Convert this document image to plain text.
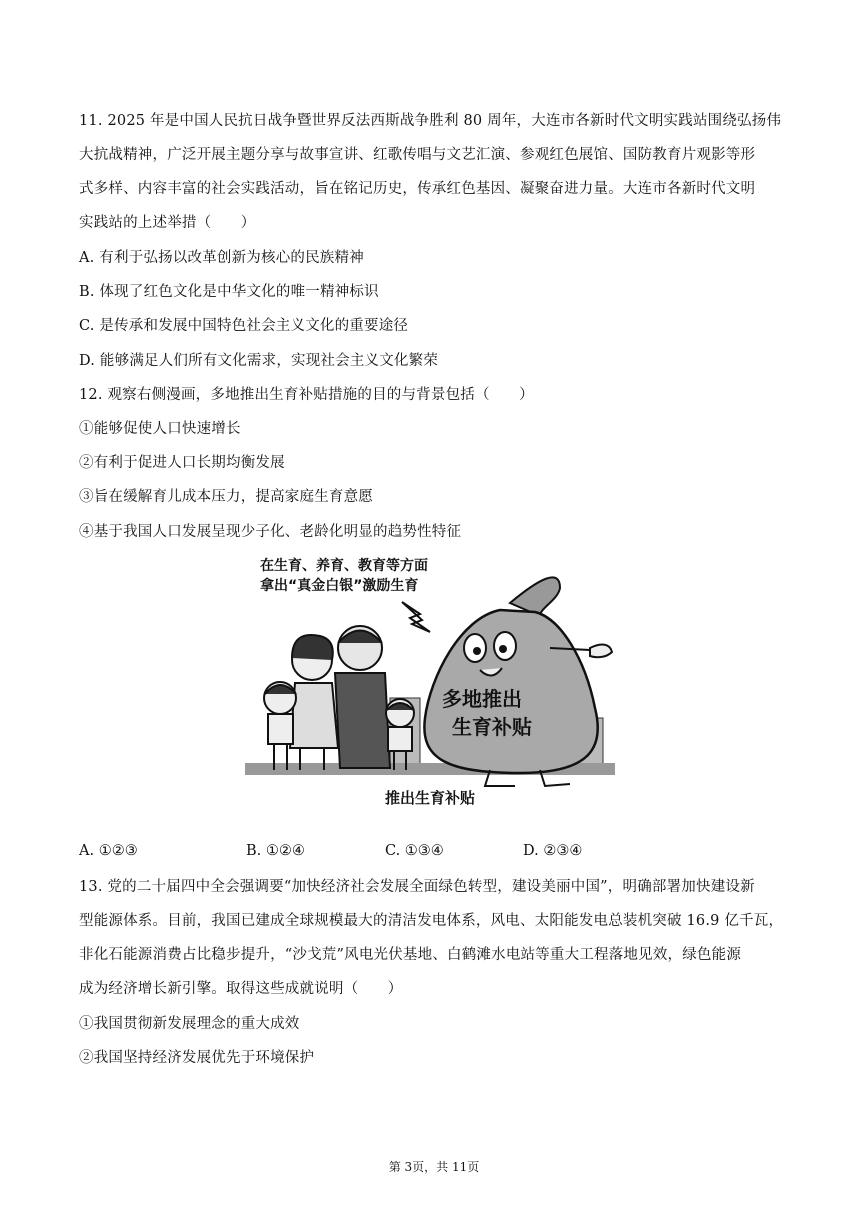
11. 2025 年是中国人民抗日战争暨世界反法西斯战争胜利 80 周年，大连市各新时代文明实践站围绕弘扬伟
大抗战精神，广泛开展主题分享与故事宣讲、红歌传唱与文艺汇演、参观红色展馆、国防教育片观影等形
式多样、内容丰富的社会实践活动，旨在铭记历史，传承红色基因、凝聚奋进力量。大连市各新时代文明
实践站的上述举措（　　）
A. 有利于弘扬以改革创新为核心的民族精神
B. 体现了红色文化是中华文化的唯一精神标识
C. 是传承和发展中国特色社会主义文化的重要途径
D. 能够满足人们所有文化需求，实现社会主义文化繁荣
12. 观察右侧漫画，多地推出生育补贴措施的目的与背景包括（　　）
①能够促使人口快速增长
②有利于促进人口长期均衡发展
③旨在缓解育儿成本压力，提高家庭生育意愿
④基于我国人口发展呈现少子化、老龄化明显的趋势性特征
在生育、养育、教育等方面
拿出“真金白银”激励生育
多地推出
生育补贴
推出生育补贴
A. ①②③	B. ①②④	C. ①③④	D. ②③④
13. 党的二十届四中全会强调要“加快经济社会发展全面绿色转型，建设美丽中国”，明确部署加快建设新
型能源体系。目前，我国已建成全球规模最大的清洁发电体系，风电、太阳能发电总装机突破 16.9 亿千瓦，
非化石能源消费占比稳步提升，“沙戈荒”风电光伏基地、白鹤滩水电站等重大工程落地见效，绿色能源
成为经济增长新引擎。取得这些成就说明（　　）
①我国贯彻新发展理念的重大成效
②我国坚持经济发展优先于环境保护
第 3页，共 11页
